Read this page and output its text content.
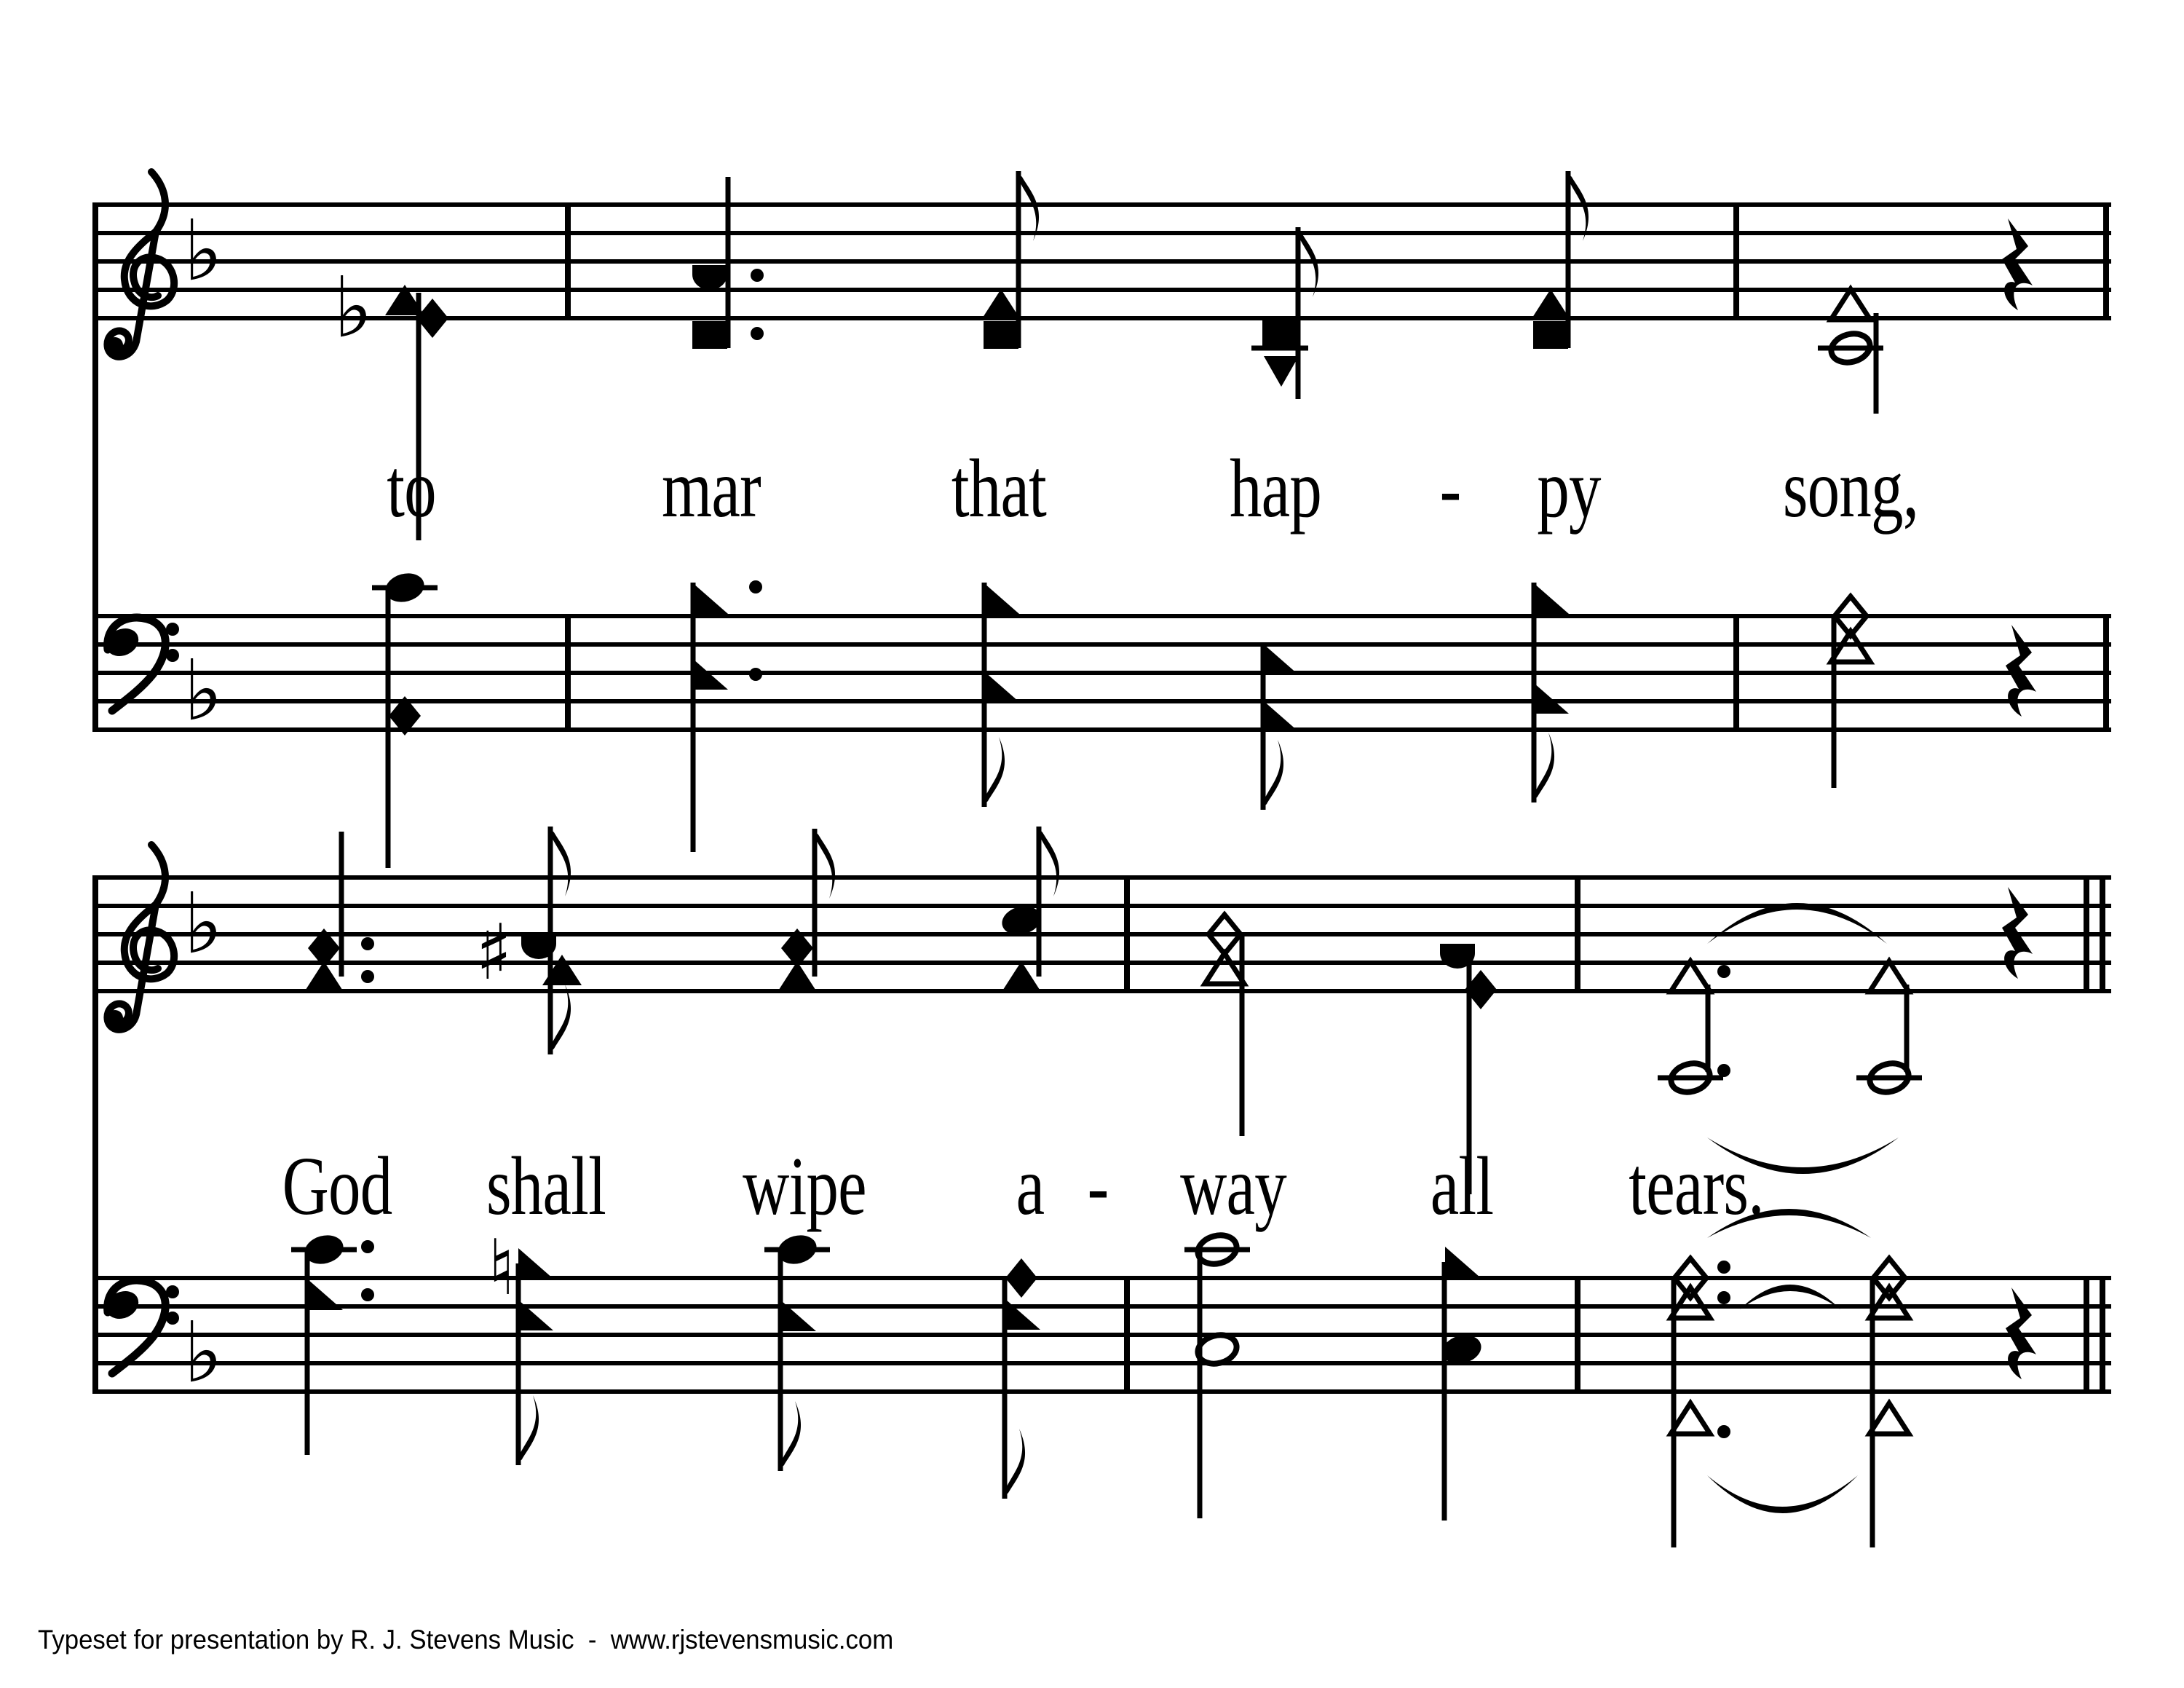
♭
♭
♭
♭
♭
♯
♮
to	mar that hap - py song,
God shall wipe a - way all tears.

Typeset for presentation by R. J. Stevens Music  -  www.rjstevensmusic.com
